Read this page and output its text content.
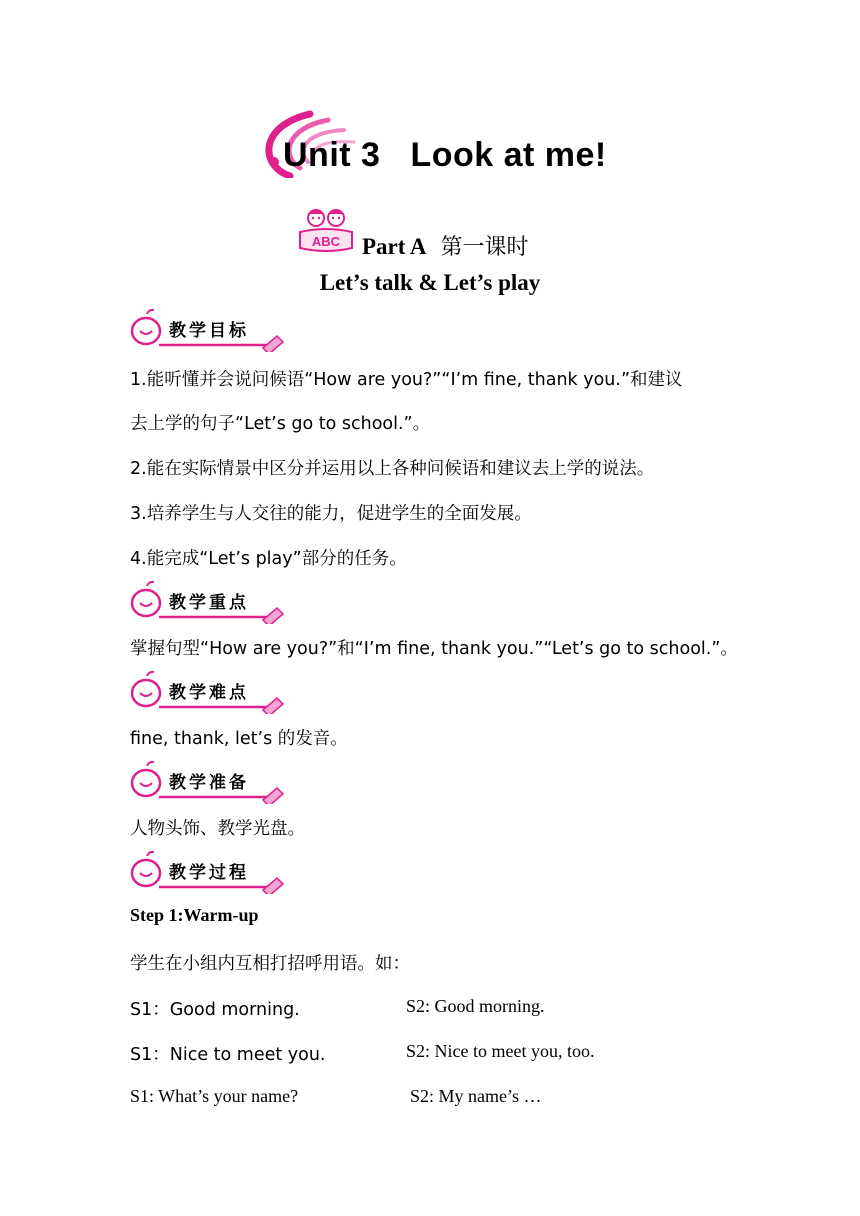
Unit 3 Look at me!
ABC Part A 第一课时
Let’s talk & Let’s play
教学目标
1.能听懂并会说问候语“How are you?”“I’m fine, thank you.”和建议
去上学的句子“Let’s go to school.”。
2.能在实际情景中区分并运用以上各种问候语和建议去上学的说法。
3.培养学生与人交往的能力，促进学生的全面发展。
4.能完成“Let’s play”部分的任务。
教学重点
掌握句型“How are you?”和“I’m fine, thank you.”“Let’s go to school.”。
教学难点
fine, thank, let’s 的发音。
教学准备
人物头饰、教学光盘。
教学过程
Step 1:Warm-up
学生在小组内互相打招呼用语。如：
S1：Good morning.	S2: Good morning.
S1：Nice to meet you.	S2: Nice to meet you, too.
S1: What’s your name?	S2: My name’s …
